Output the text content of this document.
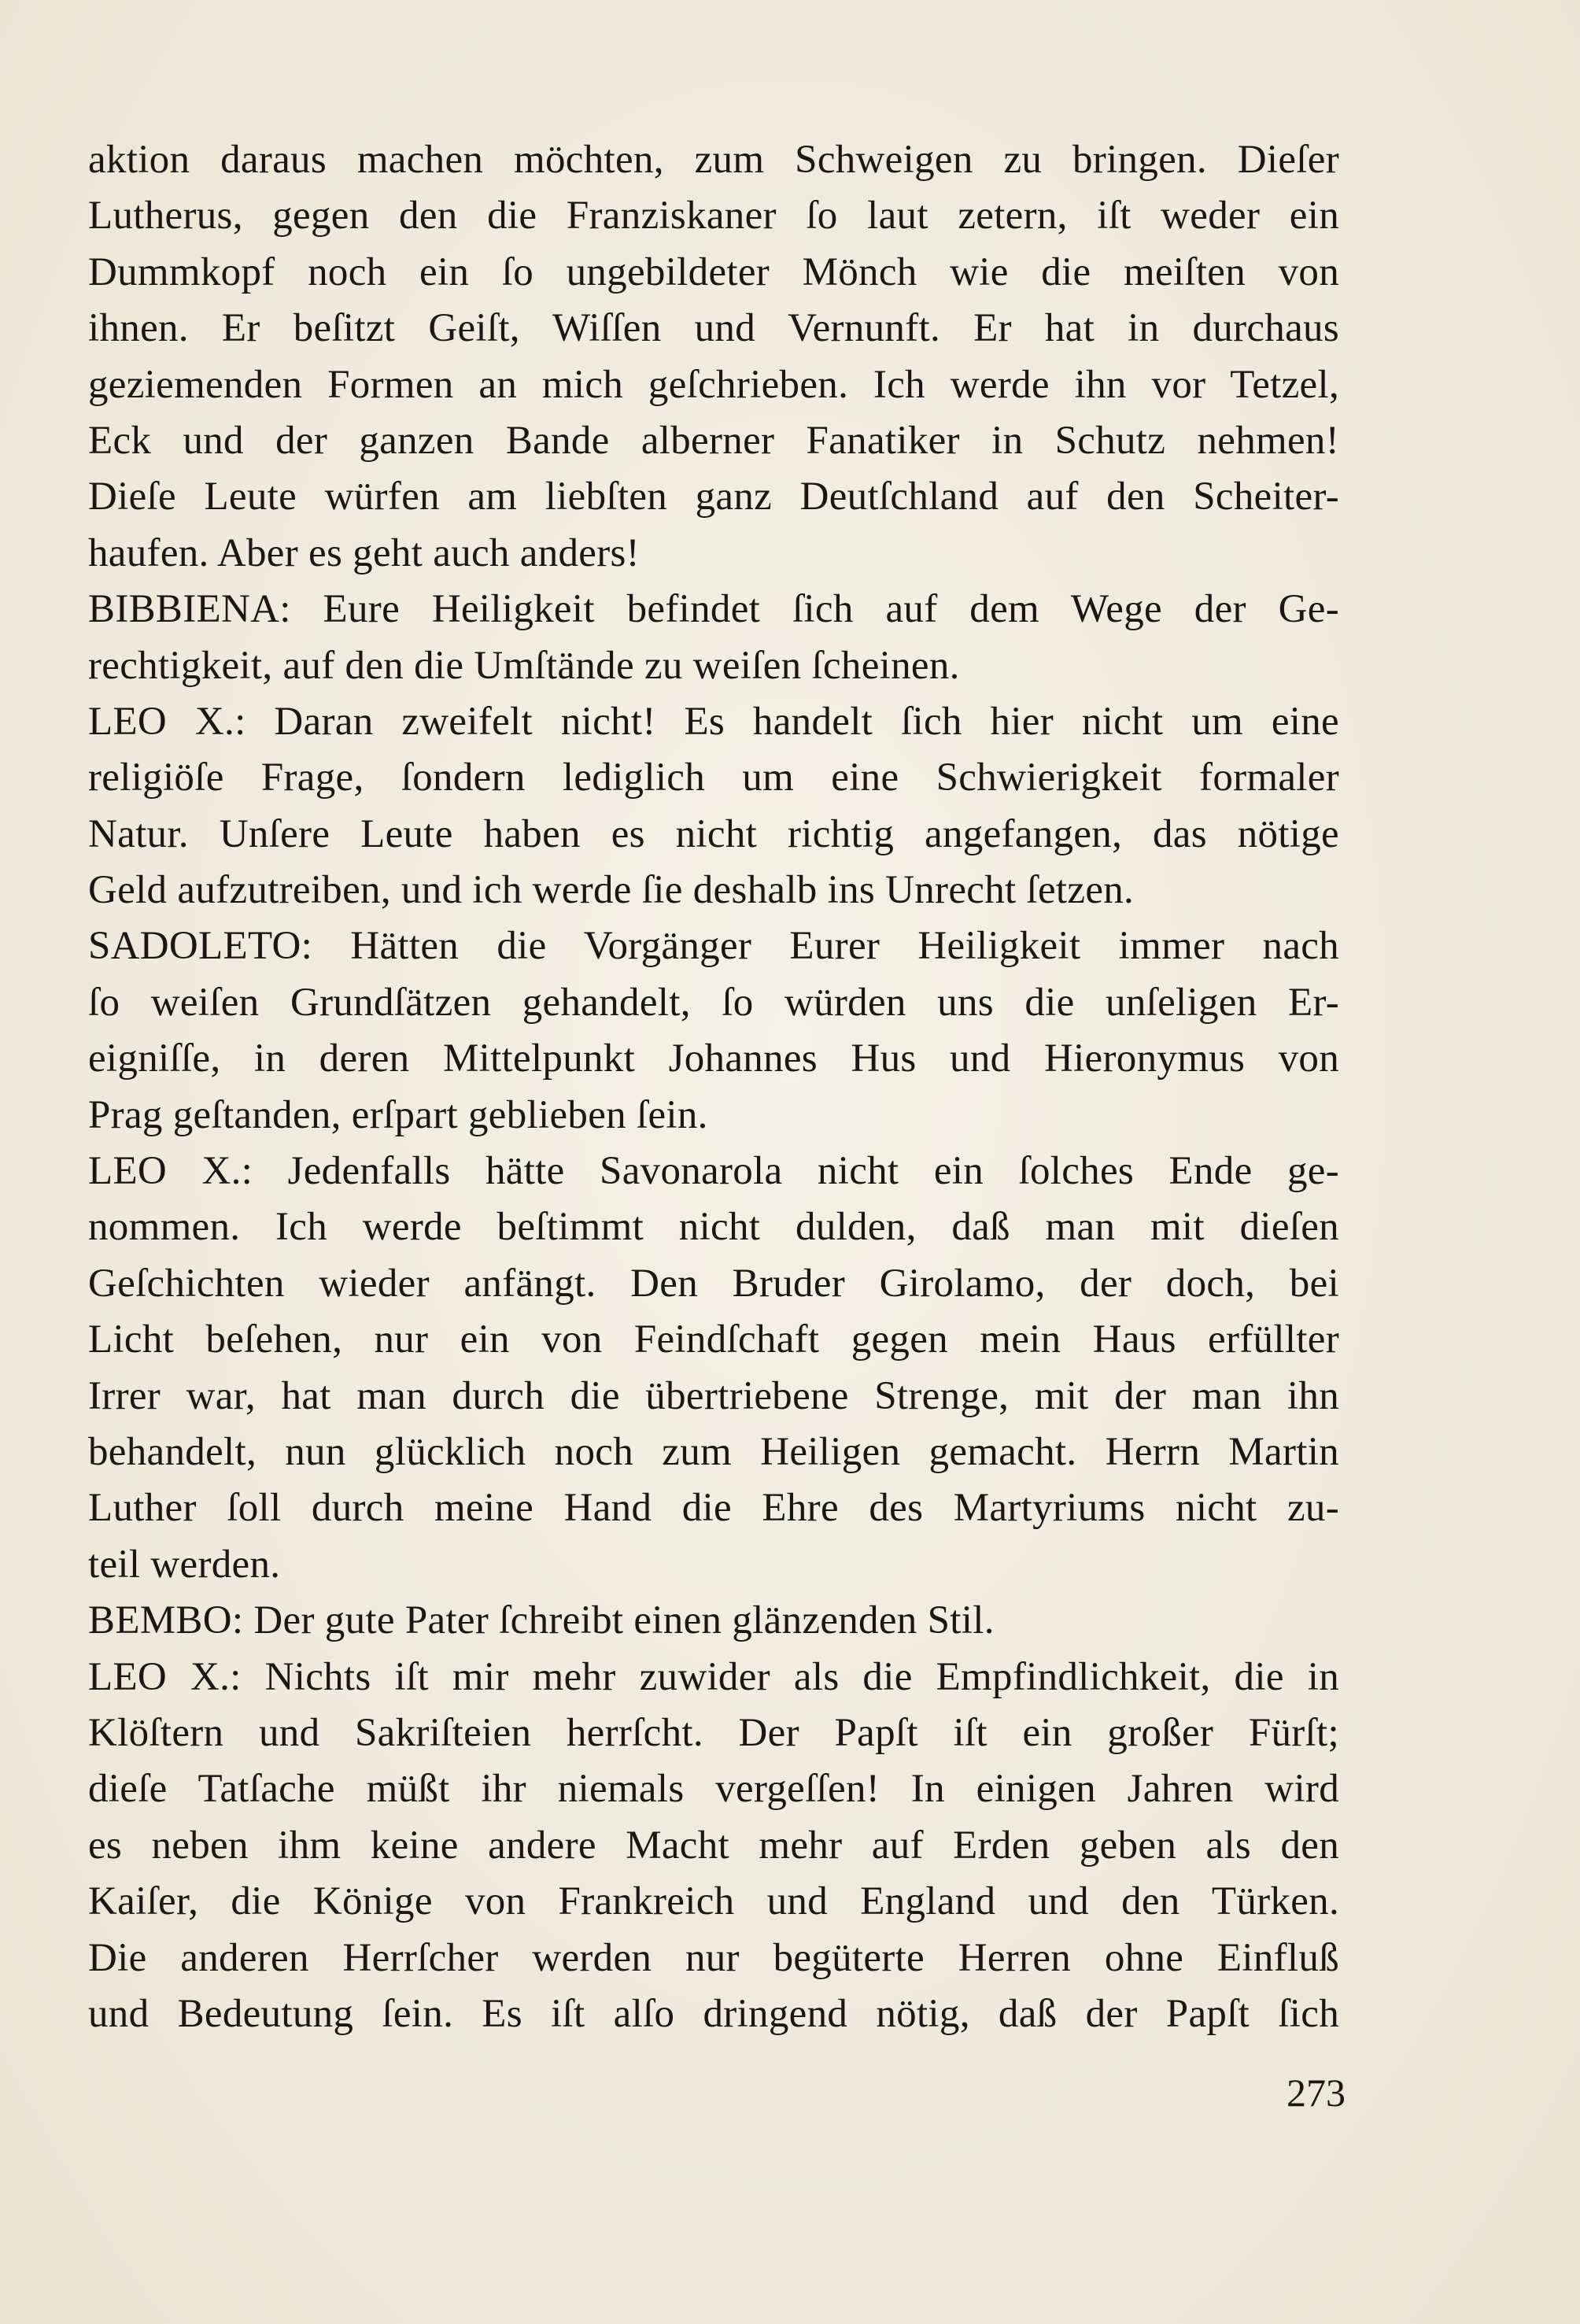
aktion daraus machen möchten, zum Schweigen zu bringen. Dieſer
Lutherus, gegen den die Franziskaner ſo laut zetern, iſt weder ein
Dummkopf noch ein ſo ungebildeter Mönch wie die meiſten von
ihnen. Er beſitzt Geiſt, Wiſſen und Vernunft. Er hat in durchaus
geziemenden Formen an mich geſchrieben. Ich werde ihn vor Tetzel,
Eck und der ganzen Bande alberner Fanatiker in Schutz nehmen!
Dieſe Leute würfen am liebſten ganz Deutſchland auf den Scheiter-
haufen. Aber es geht auch anders!
BIBBIENA: Eure Heiligkeit befindet ſich auf dem Wege der Ge-
rechtigkeit, auf den die Umſtände zu weiſen ſcheinen.
LEO X.: Daran zweifelt nicht! Es handelt ſich hier nicht um eine
religiöſe Frage, ſondern lediglich um eine Schwierigkeit formaler
Natur. Unſere Leute haben es nicht richtig angefangen, das nötige
Geld aufzutreiben, und ich werde ſie deshalb ins Unrecht ſetzen.
SADOLETO: Hätten die Vorgänger Eurer Heiligkeit immer nach
ſo weiſen Grundſätzen gehandelt, ſo würden uns die unſeligen Er-
eigniſſe, in deren Mittelpunkt Johannes Hus und Hieronymus von
Prag geſtanden, erſpart geblieben ſein.
LEO X.: Jedenfalls hätte Savonarola nicht ein ſolches Ende ge-
nommen. Ich werde beſtimmt nicht dulden, daß man mit dieſen
Geſchichten wieder anfängt. Den Bruder Girolamo, der doch, bei
Licht beſehen, nur ein von Feindſchaft gegen mein Haus erfüllter
Irrer war, hat man durch die übertriebene Strenge, mit der man ihn
behandelt, nun glücklich noch zum Heiligen gemacht. Herrn Martin
Luther ſoll durch meine Hand die Ehre des Martyriums nicht zu-
teil werden.
BEMBO: Der gute Pater ſchreibt einen glänzenden Stil.
LEO X.: Nichts iſt mir mehr zuwider als die Empfindlichkeit, die in
Klöſtern und Sakriſteien herrſcht. Der Papſt iſt ein großer Fürſt;
dieſe Tatſache müßt ihr niemals vergeſſen! In einigen Jahren wird
es neben ihm keine andere Macht mehr auf Erden geben als den
Kaiſer, die Könige von Frankreich und England und den Türken.
Die anderen Herrſcher werden nur begüterte Herren ohne Einfluß
und Bedeutung ſein. Es iſt alſo dringend nötig, daß der Papſt ſich
273
